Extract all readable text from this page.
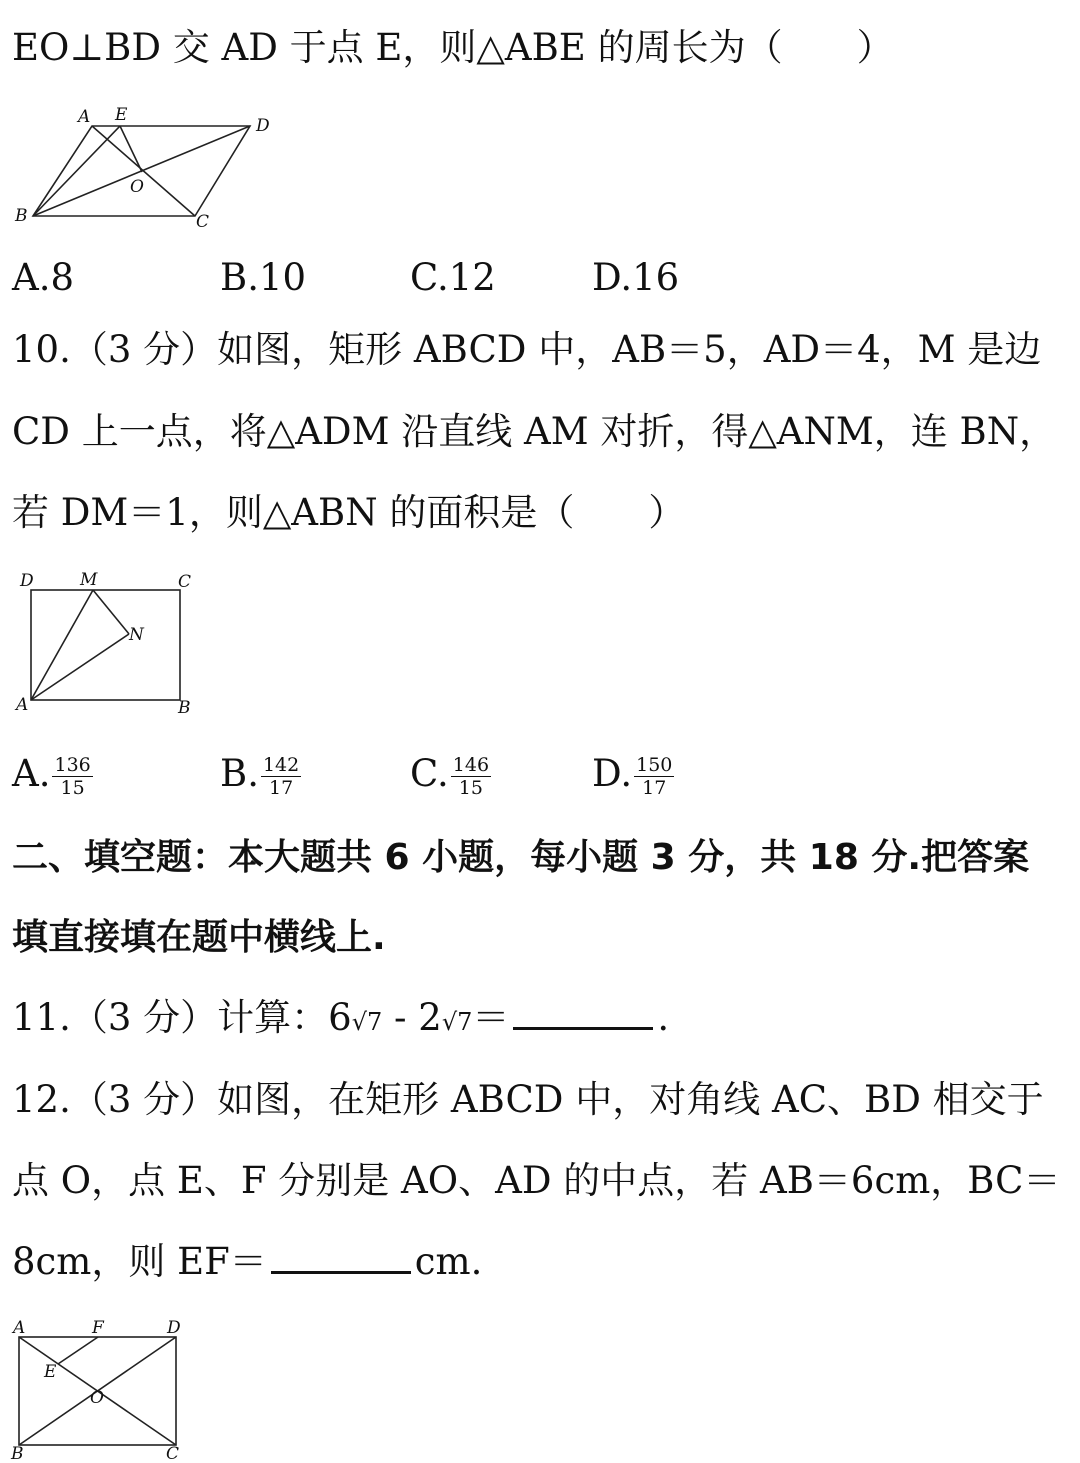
EO⊥BD 交 AD 于点 E，则△ABE 的周长为（　　）
A E
D
O
B	C
A.8	B.10	C.12	D.16
10.（3 分）如图，矩形 ABCD 中，AB＝5，AD＝4，M 是边
CD 上一点，将△ADM 沿直线 AM 对折，得△ANM，连 BN，
若 DM＝1，则△ABN 的面积是（　　）
D	M	C
N
A	B
A. $\frac{136}{15}$	B. $\frac{142}{17}$	C. $\frac{146}{15}$	D. $\frac{150}{17}$
二、填空题：本大题共 6 小题，每小题 3 分，共 18 分.把答案
填直接填在题中横线上.
11.（3 分）计算：6√7 - 2√7＝	.
12.（3 分）如图，在矩形 ABCD 中，对角线 AC、BD 相交于
点 O，点 E、F 分别是 AO、AD 的中点，若 AB＝6cm，BC＝
8cm，则 EF＝	cm.
A	F	D
E
O
B	C
